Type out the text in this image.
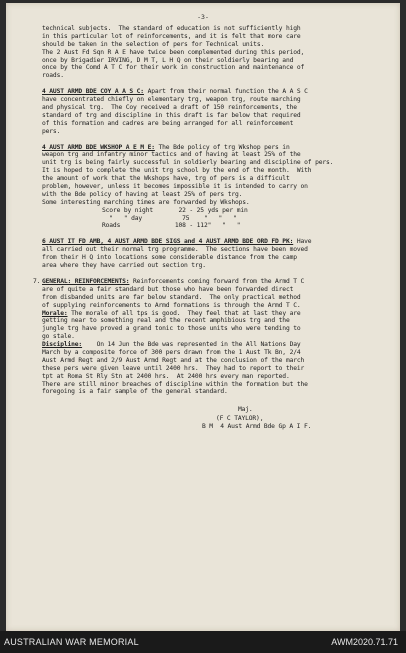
-3-
technical subjects.  The standard of education is not sufficiently high
in this particular lot of reinforcements, and it is felt that more care
should be taken in the selection of pers for Technical units.
The 2 Aust Fd Sqn R A E have twice been complemented during this period,
once by Brigadier IRVING, D M T, L H Q on their soldierly bearing and
once by the Comd A T C for their work in construction and maintenance of
roads.
4 AUST ARMD BDE COY A A S C: Apart from their normal function the A A S C
have concentrated chiefly on elementary trg, weapon trg, route marching
and physical trg.  The Coy received a draft of 150 reinforcements, the
standard of trg and discipline in this draft is far below that required
of this formation and cadres are being arranged for all reinforcement
pers.
4 AUST ARMD BDE WKSHOP A E M E: The Bde policy of trg Wkshop pers in
weapon trg and infantry minor tactics and of having at least 25% of the
unit trg is being fairly successful in soldierly bearing and discipline of pers.
It is hoped to complete the unit trg school by the end of the month.  With
the amount of work that the Wkshops have, trg of pers is a difficult
problem, however, unless it becomes impossible it is intended to carry on
with the Bde policy of having at least 25% of pers trg.
Some interesting marching times are forwarded by Wkshops.
Score by night       22 - 25 yds per min
"   " day           75    "   "   "
Roads               108 - 112"   "   "
6 AUST IT FD AMB, 4 AUST ARMD BDE SIGS and 4 AUST ARMD BDE ORD FD PK: Have
all carried out their normal trg programme.  The sections have been moved
from their H Q into locations some considerable distance from the camp
area where they have carried out section trg.
7. GENERAL: REINFORCEMENTS: Reinforcements coming forward from the Armd T C
are of quite a fair standard but those who have been forwarded direct
from disbanded units are far below standard.  The only practical method
of supplying reinforcements to Armd formations is through the Armd T C.
Morale: The morale of all tps is good.  They feel that at last they are
getting near to something real and the recent amphibious trg and the
jungle trg have proved a grand tonic to those units who were tending to
go stale.
Discipline:    On 14 Jun the Bde was represented in the All Nations Day
March by a composite force of 300 pers drawn from the 1 Aust Tk Bn, 2/4
Aust Armd Regt and 2/9 Aust Armd Regt and at the conclusion of the march
these pers were given leave until 2400 hrs.  They had to report to their
tpt at Roma St Rly Stn at 2400 hrs.  At 2400 hrs every man reported.
There are still minor breaches of discipline within the formation but the
foregoing is a fair sample of the general standard.
Maj.
(F C TAYLOR),
B M  4 Aust Armd Bde Gp A I F.
AUSTRALIAN WAR MEMORIAL	AWM2020.71.71
